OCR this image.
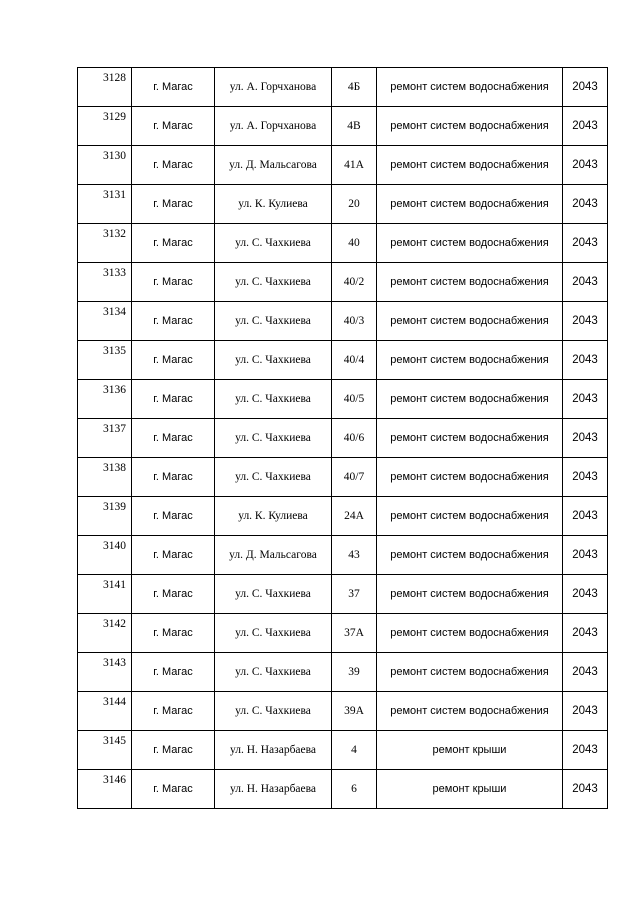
3128	г. Магас	ул. А. Горчханова	4Б	ремонт систем водоснабжения	2043
3129	г. Магас	ул. А. Горчханова	4В	ремонт систем водоснабжения	2043
3130	г. Магас	ул. Д. Мальсагова	41А	ремонт систем водоснабжения	2043
3131	г. Магас	ул. К. Кулиева	20	ремонт систем водоснабжения	2043
3132	г. Магас	ул. С. Чахкиева	40	ремонт систем водоснабжения	2043
3133	г. Магас	ул. С. Чахкиева	40/2	ремонт систем водоснабжения	2043
3134	г. Магас	ул. С. Чахкиева	40/3	ремонт систем водоснабжения	2043
3135	г. Магас	ул. С. Чахкиева	40/4	ремонт систем водоснабжения	2043
3136	г. Магас	ул. С. Чахкиева	40/5	ремонт систем водоснабжения	2043
3137	г. Магас	ул. С. Чахкиева	40/6	ремонт систем водоснабжения	2043
3138	г. Магас	ул. С. Чахкиева	40/7	ремонт систем водоснабжения	2043
3139	г. Магас	ул. К. Кулиева	24А	ремонт систем водоснабжения	2043
3140	г. Магас	ул. Д. Мальсагова	43	ремонт систем водоснабжения	2043
3141	г. Магас	ул. С. Чахкиева	37	ремонт систем водоснабжения	2043
3142	г. Магас	ул. С. Чахкиева	37А	ремонт систем водоснабжения	2043
3143	г. Магас	ул. С. Чахкиева	39	ремонт систем водоснабжения	2043
3144	г. Магас	ул. С. Чахкиева	39А	ремонт систем водоснабжения	2043
3145	г. Магас	ул. Н. Назарбаева	4	ремонт крыши	2043
3146	г. Магас	ул. Н. Назарбаева	6	ремонт крыши	2043
